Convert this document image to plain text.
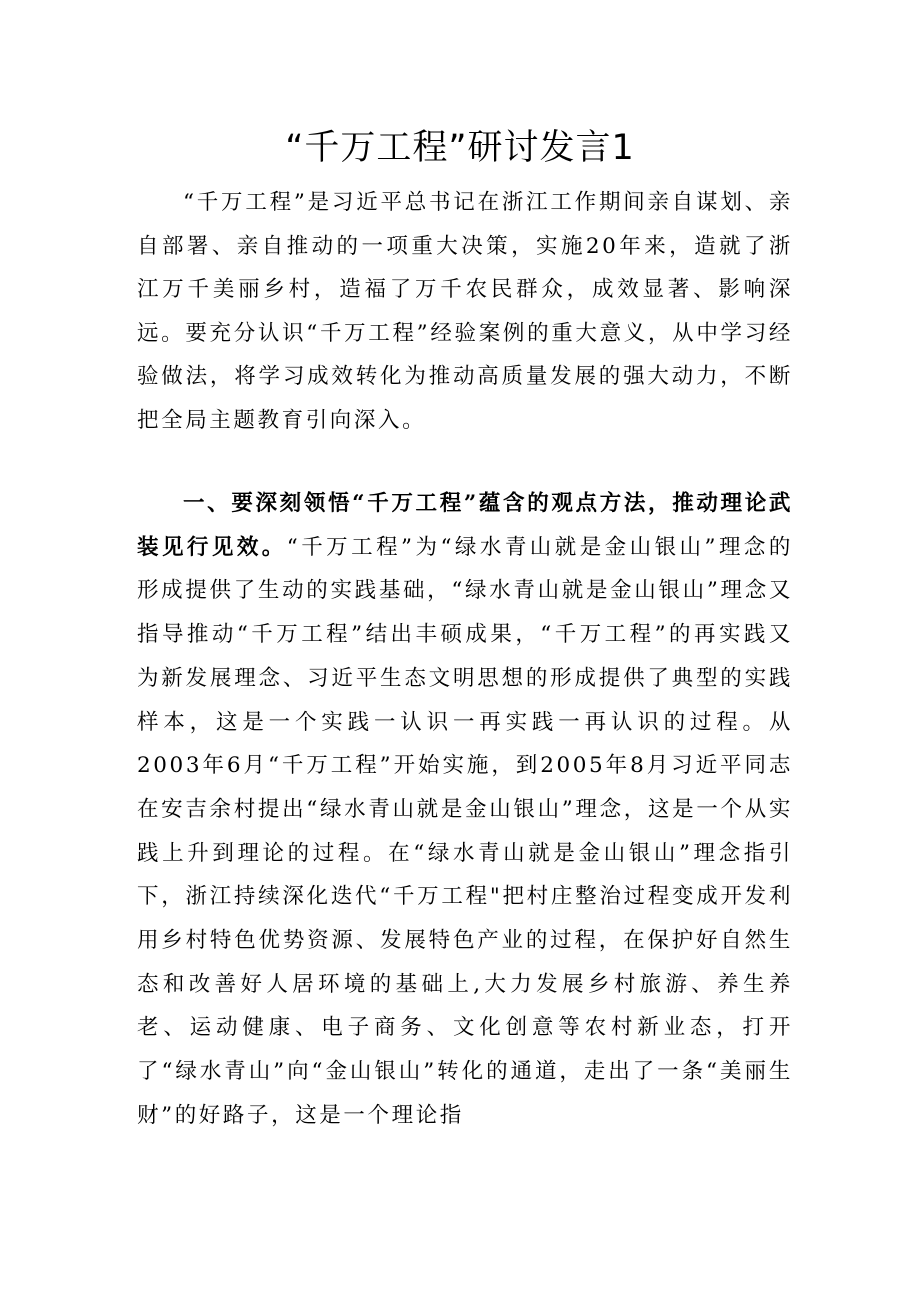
“千万工程”研讨发言1

“千万工程”是习近平总书记在浙江工作期间亲自谋划、亲自部署、亲自推动的一项重大决策，实施20年来，造就了浙江万千美丽乡村，造福了万千农民群众，成效显著、影响深远。要充分认识“千万工程”经验案例的重大意义，从中学习经验做法，将学习成效转化为推动高质量发展的强大动力，不断把全局主题教育引向深入。

一、要深刻领悟“千万工程”蕴含的观点方法，推动理论武装见行见效。“千万工程”为“绿水青山就是金山银山”理念的形成提供了生动的实践基础，“绿水青山就是金山银山”理念又指导推动“千万工程”结出丰硕成果，“千万工程”的再实践又为新发展理念、习近平生态文明思想的形成提供了典型的实践样本，这是一个实践一认识一再实践一再认识的过程。从2003年6月“千万工程”开始实施，到2005年8月习近平同志在安吉余村提出“绿水青山就是金山银山”理念，这是一个从实践上升到理论的过程。在“绿水青山就是金山银山”理念指引下，浙江持续深化迭代“千万工程"把村庄整治过程变成开发利用乡村特色优势资源、发展特色产业的过程，在保护好自然生态和改善好人居环境的基础上,大力发展乡村旅游、养生养老、运动健康、电子商务、文化创意等农村新业态，打开了“绿水青山”向“金山银山”转化的通道，走出了一条“美丽生财”的好路子，这是一个理论指
